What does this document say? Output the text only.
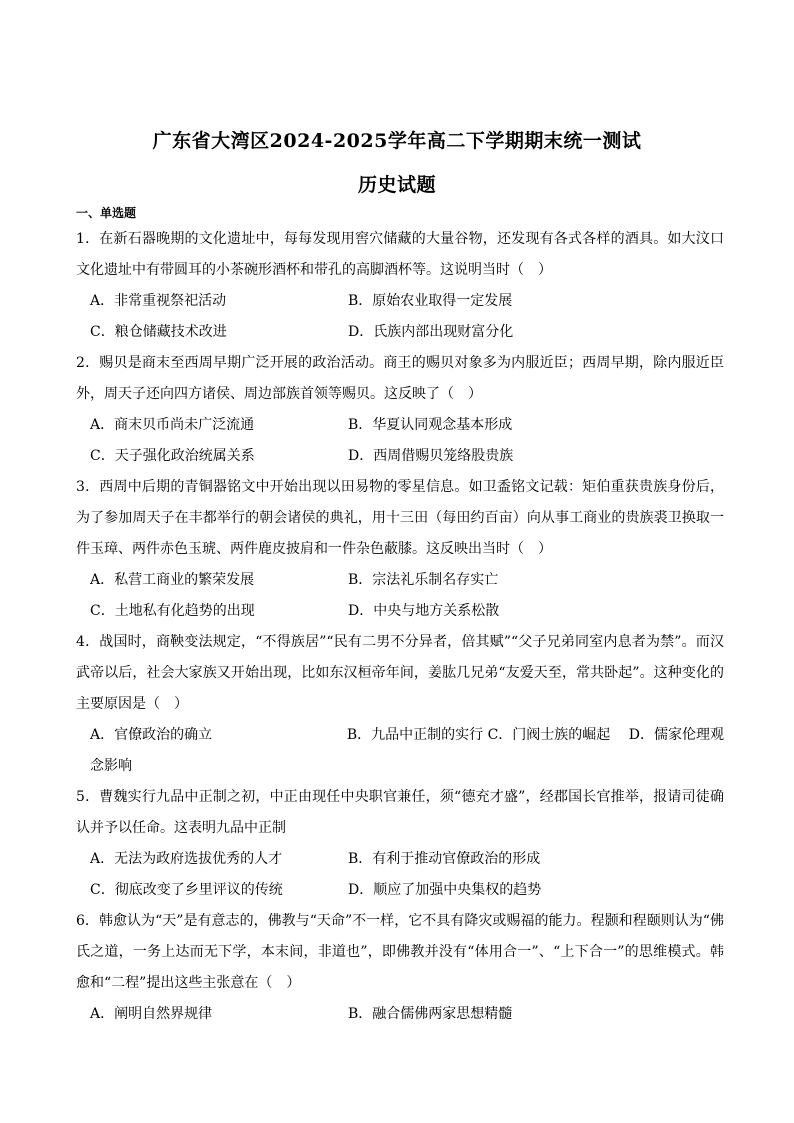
广东省大湾区2024-2025学年高二下学期期末统一测试
历史试题
一、单选题

1．在新石器晚期的文化遗址中，每每发现用窖穴储藏的大量谷物，还发现有各式各样的酒具。如大汶口文化遗址中有带圆耳的小茶碗形酒杯和带孔的高脚酒杯等。这说明当时（　）

A．非常重视祭祀活动	B．原始农业取得一定发展
C．粮仓储藏技术改进	D．氏族内部出现财富分化

2．赐贝是商末至西周早期广泛开展的政治活动。商王的赐贝对象多为内服近臣；西周早期，除内服近臣外，周天子还向四方诸侯、周边部族首领等赐贝。这反映了（　）

A．商末贝币尚未广泛流通	B．华夏认同观念基本形成
C．天子强化政治统属关系	D．西周借赐贝笼络股贵族

3．西周中后期的青铜器铭文中开始出现以田易物的零星信息。如卫盉铭文记载：矩伯重获贵族身份后，为了参加周天子在丰都举行的朝会诸侯的典礼，用十三田（每田约百亩）向从事工商业的贵族裘卫换取一件玉璋、两件赤色玉琥、两件鹿皮披肩和一件杂色蔽膝。这反映出当时（　）

A．私营工商业的繁荣发展	B．宗法礼乐制名存实亡
C．土地私有化趋势的出现	D．中央与地方关系松散

4．战国时，商鞅变法规定，“不得族居”“民有二男不分异者，倍其赋”“父子兄弟同室内息者为禁”。而汉武帝以后，社会大家族又开始出现，比如东汉桓帝年间，姜肱几兄弟“友爱天至，常共卧起”。这种变化的主要原因是（　）

A．官僚政治的确立	B．九品中正制的实行 C．门阀士族的崛起 D．儒家伦理观
念影响

5．曹魏实行九品中正制之初，中正由现任中央职官兼任，须“德充才盛”，经郡国长官推举，报请司徒确认并予以任命。这表明九品中正制

A．无法为政府选拔优秀的人才	B．有利于推动官僚政治的形成
C．彻底改变了乡里评议的传统	D．顺应了加强中央集权的趋势

6．韩愈认为“天”是有意志的，佛教与“天命”不一样，它不具有降灾或赐福的能力。程颢和程颐则认为“佛氏之道，一务上达而无下学，本末间，非道也”，即佛教并没有“体用合一”、“上下合一”的思维模式。韩愈和“二程”提出这些主张意在（　）

A．阐明自然界规律	B．融合儒佛两家思想精髓
